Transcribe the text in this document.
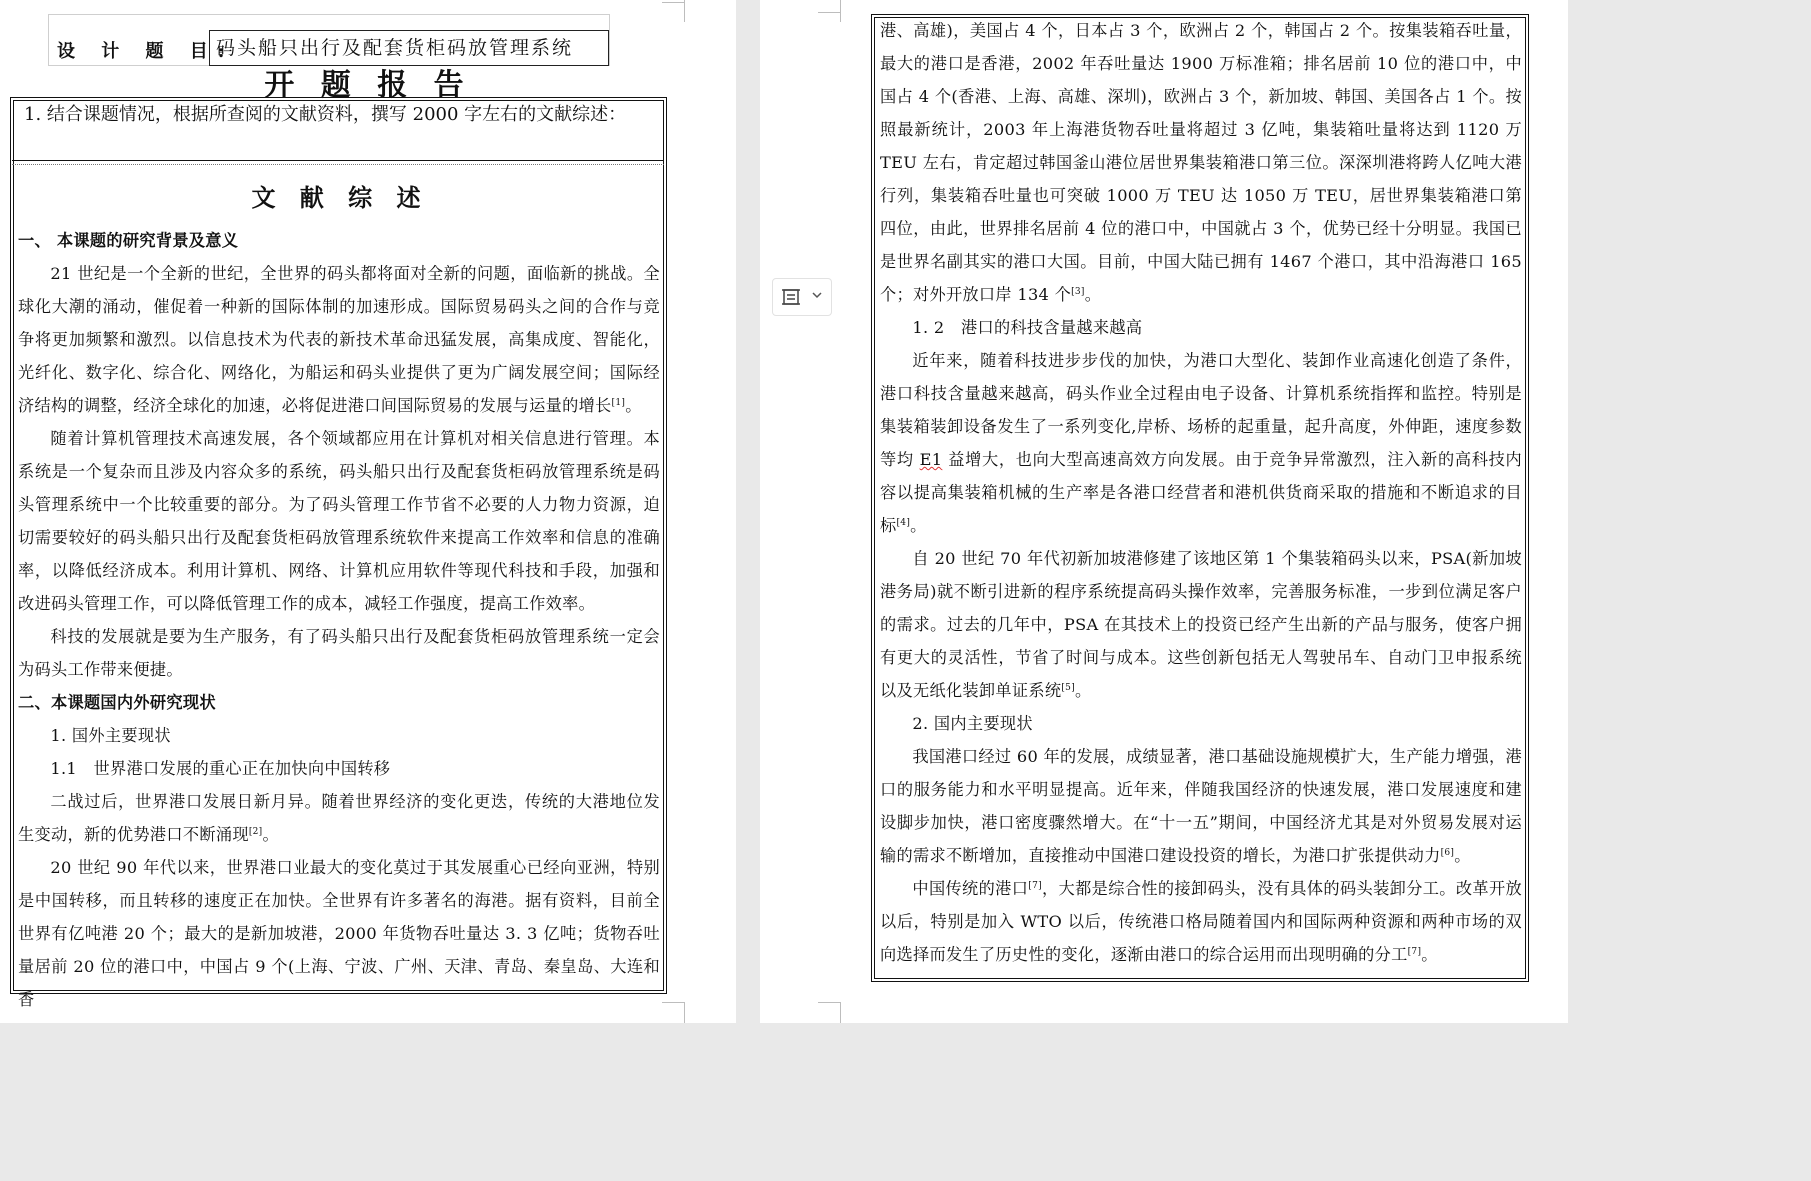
设 计 题 目:
码头船只出行及配套货柜码放管理系统
开 题 报 告
1. 结合课题情况，根据所查阅的文献资料，撰写 2000 字左右的文献综述：
文 献 综 述

一、 本课题的研究背景及意义

21 世纪是一个全新的世纪，全世界的码头都将面对全新的问题，面临新的挑战。全球化大潮的涌动，催促着一种新的国际体制的加速形成。国际贸易码头之间的合作与竞争将更加频繁和激烈。以信息技术为代表的新技术革命迅猛发展，高集成度、智能化，光纤化、数字化、综合化、网络化，为船运和码头业提供了更为广阔发展空间；国际经济结构的调整，经济全球化的加速，必将促进港口间国际贸易的发展与运量的增长[1]。

随着计算机管理技术高速发展，各个领域都应用在计算机对相关信息进行管理。本系统是一个复杂而且涉及内容众多的系统，码头船只出行及配套货柜码放管理系统是码头管理系统中一个比较重要的部分。为了码头管理工作节省不必要的人力物力资源，迫切需要较好的码头船只出行及配套货柜码放管理系统软件来提高工作效率和信息的准确率，以降低经济成本。利用计算机、网络、计算机应用软件等现代科技和手段，加强和改进码头管理工作，可以降低管理工作的成本，减轻工作强度，提高工作效率。

科技的发展就是要为生产服务，有了码头船只出行及配套货柜码放管理系统一定会为码头工作带来便捷。

二、本课题国内外研究现状

1. 国外主要现状

1.1　世界港口发展的重心正在加快向中国转移

二战过后，世界港口发展日新月异。随着世界经济的变化更迭，传统的大港地位发生变动，新的优势港口不断涌现[2]。

20 世纪 90 年代以来，世界港口业最大的变化莫过于其发展重心已经向亚洲，特别是中国转移，而且转移的速度正在加快。全世界有许多著名的海港。据有资料，目前全世界有亿吨港 20 个；最大的是新加坡港，2000 年货物吞吐量达 3. 3 亿吨；货物吞吐量居前 20 位的港口中，中国占 9 个(上海、宁波、广州、天津、青岛、秦皇岛、大连和香

港、高雄)，美国占 4 个，日本占 3 个，欧洲占 2 个，韩国占 2 个。按集装箱吞吐量，最大的港口是香港，2002 年吞吐量达 1900 万标准箱；排名居前 10 位的港口中，中国占 4 个(香港、上海、高雄、深圳)，欧洲占 3 个，新加坡、韩国、美国各占 1 个。按照最新统计，2003 年上海港货物吞吐量将超过 3 亿吨，集装箱吐量将达到 1120 万 TEU 左右，肯定超过韩国釜山港位居世界集装箱港口第三位。深深圳港将跨人亿吨大港行列，集装箱吞吐量也可突破 1000 万 TEU 达 1050 万 TEU，居世界集装箱港口第四位，由此，世界排名居前 4 位的港口中，中国就占 3 个，优势已经十分明显。我国已是世界名副其实的港口大国。目前，中国大陆已拥有 1467 个港口，其中沿海港口 165 个；对外开放口岸 134 个[3]。

1. 2　港口的科技含量越来越高

近年来，随着科技进步步伐的加快，为港口大型化、装卸作业高速化创造了条件，港口科技含量越来越高，码头作业全过程由电子设备、计算机系统指挥和监控。特别是集装箱装卸设备发生了一系列变化,岸桥、场桥的起重量，起升高度，外伸距，速度参数等均 E1 益增大，也向大型高速高效方向发展。由于竞争异常激烈，注入新的高科技内容以提高集装箱机械的生产率是各港口经营者和港机供货商采取的措施和不断追求的目标[4]。

自 20 世纪 70 年代初新加坡港修建了该地区第 1 个集装箱码头以来，PSA(新加坡港务局)就不断引进新的程序系统提高码头操作效率，完善服务标准，一步到位满足客户的需求。过去的几年中，PSA 在其技术上的投资已经产生出新的产品与服务，使客户拥有更大的灵活性，节省了时间与成本。这些创新包括无人驾驶吊车、自动门卫申报系统以及无纸化装卸单证系统[5]。

2. 国内主要现状

我国港口经过 60 年的发展，成绩显著，港口基础设施规模扩大，生产能力增强，港口的服务能力和水平明显提高。近年来，伴随我国经济的快速发展，港口发展速度和建设脚步加快，港口密度骤然增大。在“十一五”期间，中国经济尤其是对外贸易发展对运输的需求不断增加，直接推动中国港口建设投资的增长，为港口扩张提供动力[6]。

中国传统的港口[7]，大都是综合性的接卸码头，没有具体的码头装卸分工。改革开放以后，特别是加入 WTO 以后，传统港口格局随着国内和国际两种资源和两种市场的双向选择而发生了历史性的变化，逐渐由港口的综合运用而出现明确的分工[7]。
